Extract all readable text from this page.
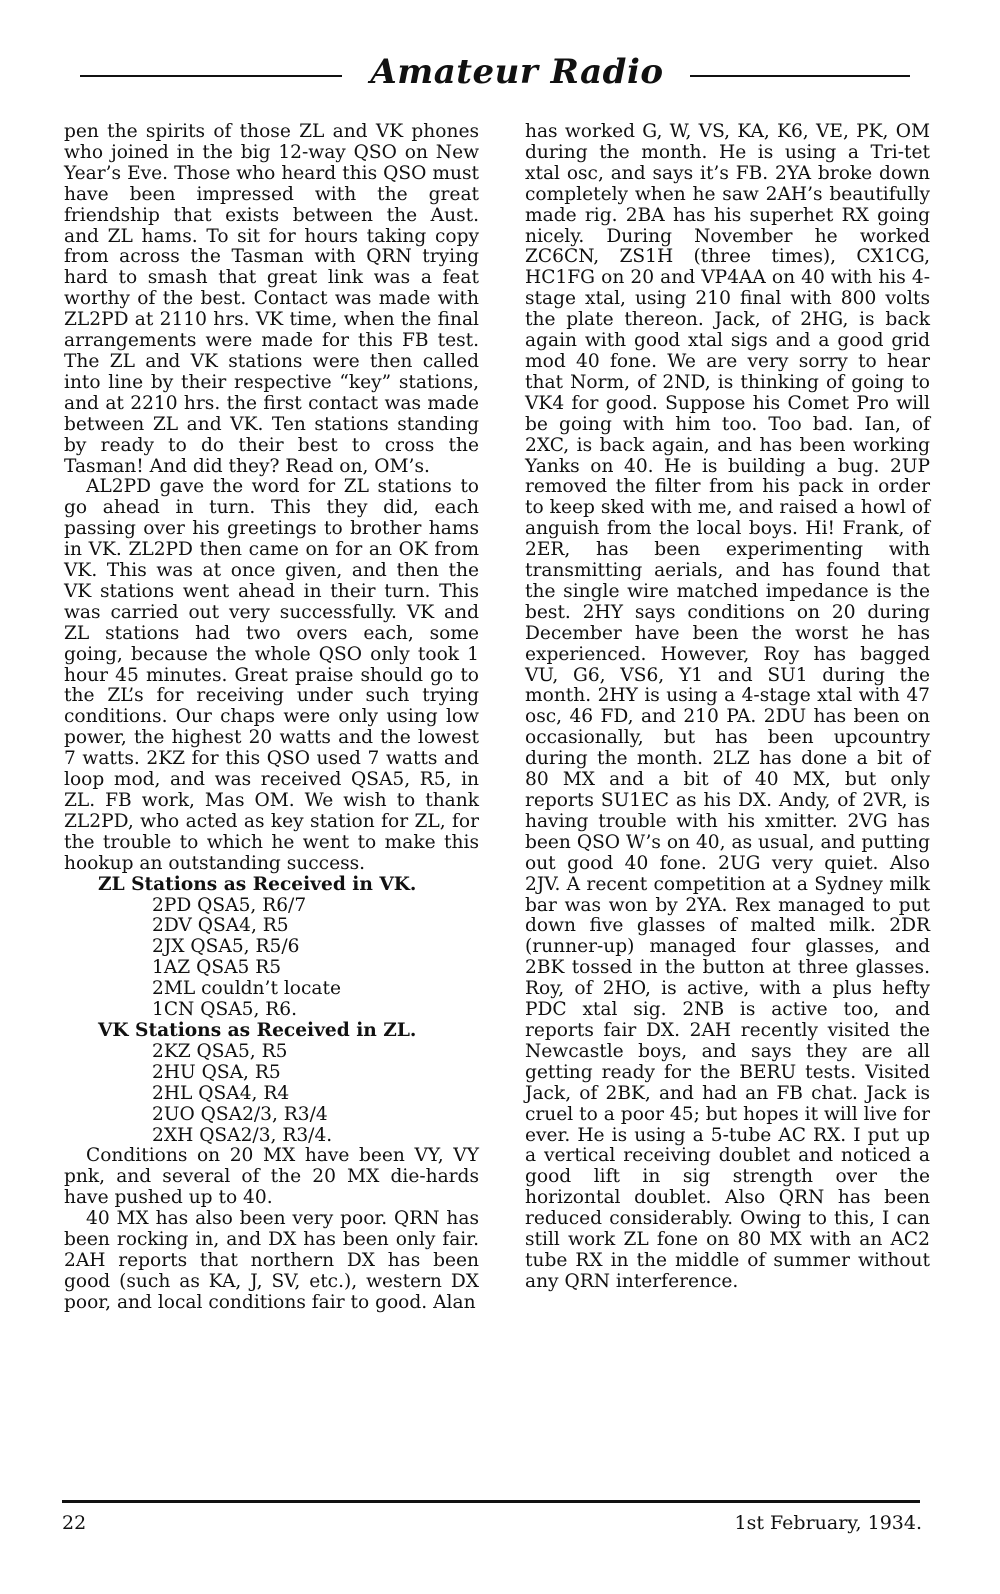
Amateur Radio

pen the spirits of those ZL and VK phones who joined in the big 12-way QSO on New Year’s Eve. Those who heard this QSO must have been impressed with the great friendship that exists between the Aust. and ZL hams. To sit for hours taking copy from across the Tasman with QRN trying hard to smash that great link was a feat worthy of the best. Contact was made with ZL2PD at 2110 hrs. VK time, when the final arrangements were made for this FB test. The ZL and VK stations were then called into line by their respective “key” stations, and at 2210 hrs. the first contact was made between ZL and VK. Ten stations standing by ready to do their best to cross the Tasman! And did they? Read on, OM’s.

AL2PD gave the word for ZL stations to go ahead in turn. This they did, each passing over his greetings to brother hams in VK. ZL2PD then came on for an OK from VK. This was at once given, and then the VK stations went ahead in their turn. This was carried out very successfully. VK and ZL stations had two overs each, some going, because the whole QSO only took 1 hour 45 minutes. Great praise should go to the ZL’s for receiving under such trying conditions. Our chaps were only using low power, the highest 20 watts and the lowest 7 watts. 2KZ for this QSO used 7 watts and loop mod, and was received QSA5, R5, in ZL. FB work, Mas OM. We wish to thank ZL2PD, who acted as key station for ZL, for the trouble to which he went to make this hookup an outstanding success.

ZL Stations as Received in VK.
2PD QSA5, R6/7
2DV QSA4, R5
2JX QSA5, R5/6
1AZ QSA5 R5
2ML couldn’t locate
1CN QSA5, R6.
VK Stations as Received in ZL.
2KZ QSA5, R5
2HU QSA, R5
2HL QSA4, R4
2UO QSA2/3, R3/4
2XH QSA2/3, R3/4.

Conditions on 20 MX have been VY, VY pnk, and several of the 20 MX die-hards have pushed up to 40.

40 MX has also been very poor. QRN has been rocking in, and DX has been only fair. 2AH reports that northern DX has been good (such as KA, J, SV, etc.), western DX poor, and local conditions fair to good. Alan

has worked G, W, VS, KA, K6, VE, PK, OM during the month. He is using a Tri-tet xtal osc, and says it’s FB. 2YA broke down completely when he saw 2AH’s beautifully made rig. 2BA has his superhet RX going nicely. During November he worked ZC6CN, ZS1H (three times), CX1CG, HC1FG on 20 and VP4AA on 40 with his 4-stage xtal, using 210 final with 800 volts the plate thereon. Jack, of 2HG, is back again with good xtal sigs and a good grid mod 40 fone. We are very sorry to hear that Norm, of 2ND, is thinking of going to VK4 for good. Suppose his Comet Pro will be going with him too. Too bad. Ian, of 2XC, is back again, and has been working Yanks on 40. He is building a bug. 2UP removed the filter from his pack in order to keep sked with me, and raised a howl of anguish from the local boys. Hi! Frank, of 2ER, has been experimenting with transmitting aerials, and has found that the single wire matched impedance is the best. 2HY says conditions on 20 during December have been the worst he has experienced. However, Roy has bagged VU, G6, VS6, Y1 and SU1 during the month. 2HY is using a 4-stage xtal with 47 osc, 46 FD, and 210 PA. 2DU has been on occasionally, but has been upcountry during the month. 2LZ has done a bit of 80 MX and a bit of 40 MX, but only reports SU1EC as his DX. Andy, of 2VR, is having trouble with his xmitter. 2VG has been QSO W’s on 40, as usual, and putting out good 40 fone. 2UG very quiet. Also 2JV. A recent competition at a Sydney milk bar was won by 2YA. Rex managed to put down five glasses of malted milk. 2DR (runner-up) managed four glasses, and 2BK tossed in the button at three glasses. Roy, of 2HO, is active, with a plus hefty PDC xtal sig. 2NB is active too, and reports fair DX. 2AH recently visited the Newcastle boys, and says they are all getting ready for the BERU tests. Visited Jack, of 2BK, and had an FB chat. Jack is cruel to a poor 45; but hopes it will live for ever. He is using a 5-tube AC RX. I put up a vertical receiving doublet and noticed a good lift in sig strength over the horizontal doublet. Also QRN has been reduced considerably. Owing to this, I can still work ZL fone on 80 MX with an AC2 tube RX in the middle of summer without any QRN interference.

22	1st February, 1934.
